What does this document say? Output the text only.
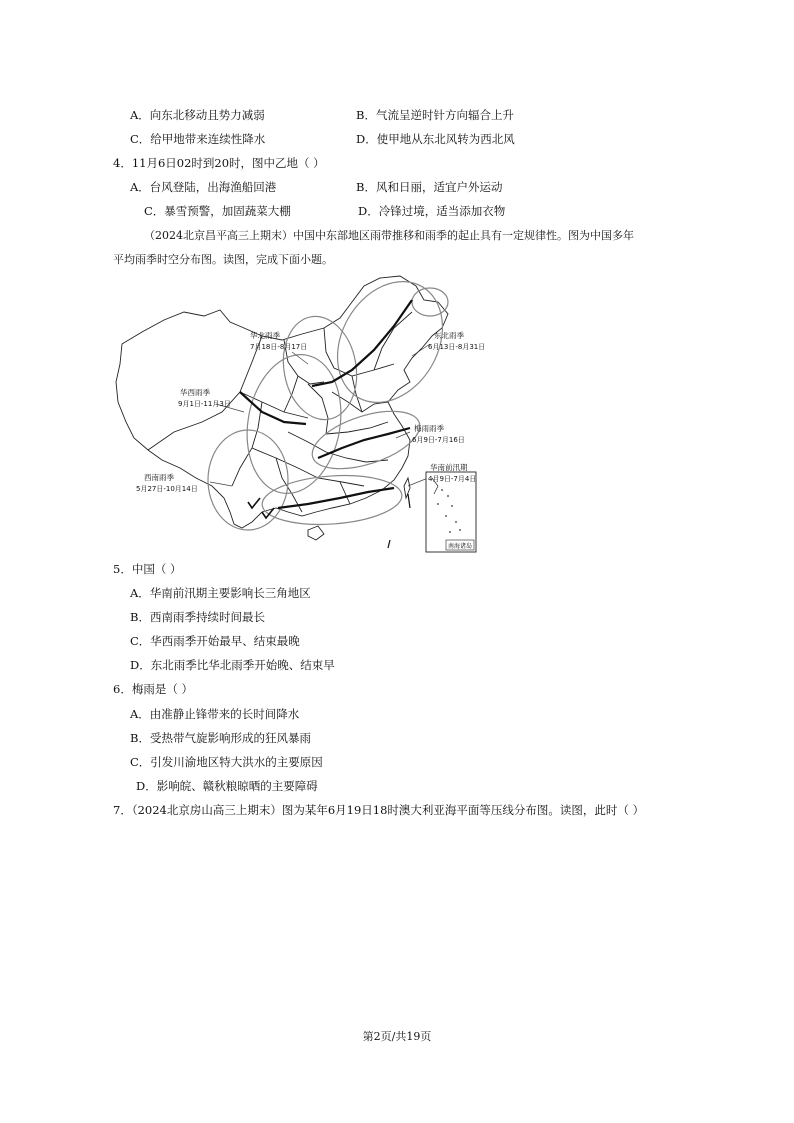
A．向东北移动且势力减弱	B．气流呈逆时针方向辐合上升
C．给甲地带来连续性降水	D．使甲地从东北风转为西北风
4．11月6日02时到20时，图中乙地（ ）
A．台风登陆，出海渔船回港	B．风和日丽，适宜户外运动
C．暴雪预警，加固蔬菜大棚	D．冷锋过境，适当添加衣物
（2024北京昌平高三上期末）中国中东部地区雨带推移和雨季的起止具有一定规律性。图为中国多年
平均雨季时空分布图。读图，完成下面小题。
南海诸岛
华北雨季
7月18日-8月17日
东北雨季
6月13日-8月31日
华西雨季
9月1日-11月3日
梅雨雨季
6月9日-7月16日
华南前汛期
4月9日-7月4日
西南雨季
5月27日-10月14日
5．中国（ ）
A．华南前汛期主要影响长三角地区
B．西南雨季持续时间最长
C．华西雨季开始最早、结束最晚
D．东北雨季比华北雨季开始晚、结束早
6．梅雨是（ ）
A．由准静止锋带来的长时间降水
B．受热带气旋影响形成的狂风暴雨
C．引发川渝地区特大洪水的主要原因
D．影响皖、赣秋粮晾晒的主要障碍
7．（2024北京房山高三上期末）图为某年6月19日18时澳大利亚海平面等压线分布图。读图，此时（ ）
第2页/共19页
